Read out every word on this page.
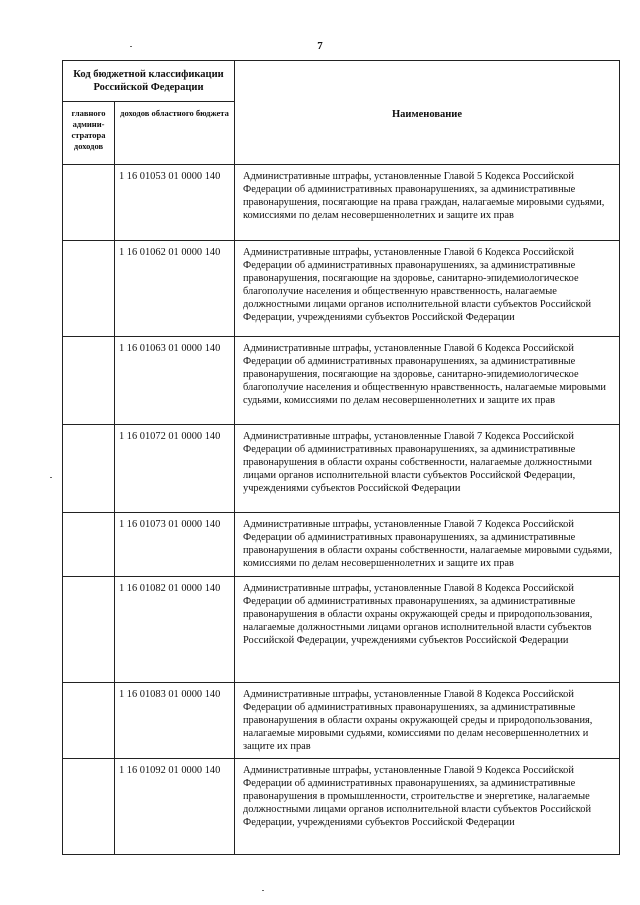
7
Код бюджетной классификации Российской Федерации		Наименование
главного админи-стратора доходов	доходов областного бюджета	
	1 16 01053 01 0000 140	Административные штрафы, установленные Главой 5 Кодекса Российской Федерации об административных правонарушениях, за административные правонарушения, посягающие на права граждан, налагаемые мировыми судьями, комиссиями по делам несовершеннолетних и защите их прав
	1 16 01062 01 0000 140	Административные штрафы, установленные Главой 6 Кодекса Российской Федерации об административных правонарушениях, за административные правонарушения, посягающие на здоровье, санитарно-эпидемиологическое благополучие населения и общественную нравственность, налагаемые должностными лицами органов исполнительной власти субъектов Российской Федерации, учреждениями субъектов Российской Федерации
	1 16 01063 01 0000 140	Административные штрафы, установленные Главой 6 Кодекса Российской Федерации об административных правонарушениях, за административные правонарушения, посягающие на здоровье, санитарно-эпидемиологическое благополучие населения и общественную нравственность, налагаемые мировыми судьями, комиссиями по делам несовершеннолетних и защите их прав
	1 16 01072 01 0000 140	Административные штрафы, установленные Главой 7 Кодекса Российской Федерации об административных правонарушениях, за административные правонарушения в области охраны собственности, налагаемые должностными лицами органов исполнительной власти субъектов Российской Федерации, учреждениями субъектов Российской Федерации
	1 16 01073 01 0000 140	Административные штрафы, установленные Главой 7 Кодекса Российской Федерации об административных правонарушениях, за административные правонарушения в области охраны собственности, налагаемые мировыми судьями, комиссиями по делам несовершеннолетних и защите их прав
	1 16 01082 01 0000 140	Административные штрафы, установленные Главой 8 Кодекса Российской Федерации об административных правонарушениях, за административные правонарушения в области охраны окружающей среды и природопользования, налагаемые должностными лицами органов исполнительной власти субъектов Российской Федерации, учреждениями субъектов Российской Федерации
	1 16 01083 01 0000 140	Административные штрафы, установленные Главой 8 Кодекса Российской Федерации об административных правонарушениях, за административные правонарушения в области охраны окружающей среды и природопользования, налагаемые мировыми судьями, комиссиями по делам несовершеннолетних и защите их прав
	1 16 01092 01 0000 140	Административные штрафы, установленные Главой 9 Кодекса Российской Федерации об административных правонарушениях, за административные правонарушения в промышленности, строительстве и энергетике, налагаемые должностными лицами органов исполнительной власти субъектов Российской Федерации, учреждениями субъектов Российской Федерации
